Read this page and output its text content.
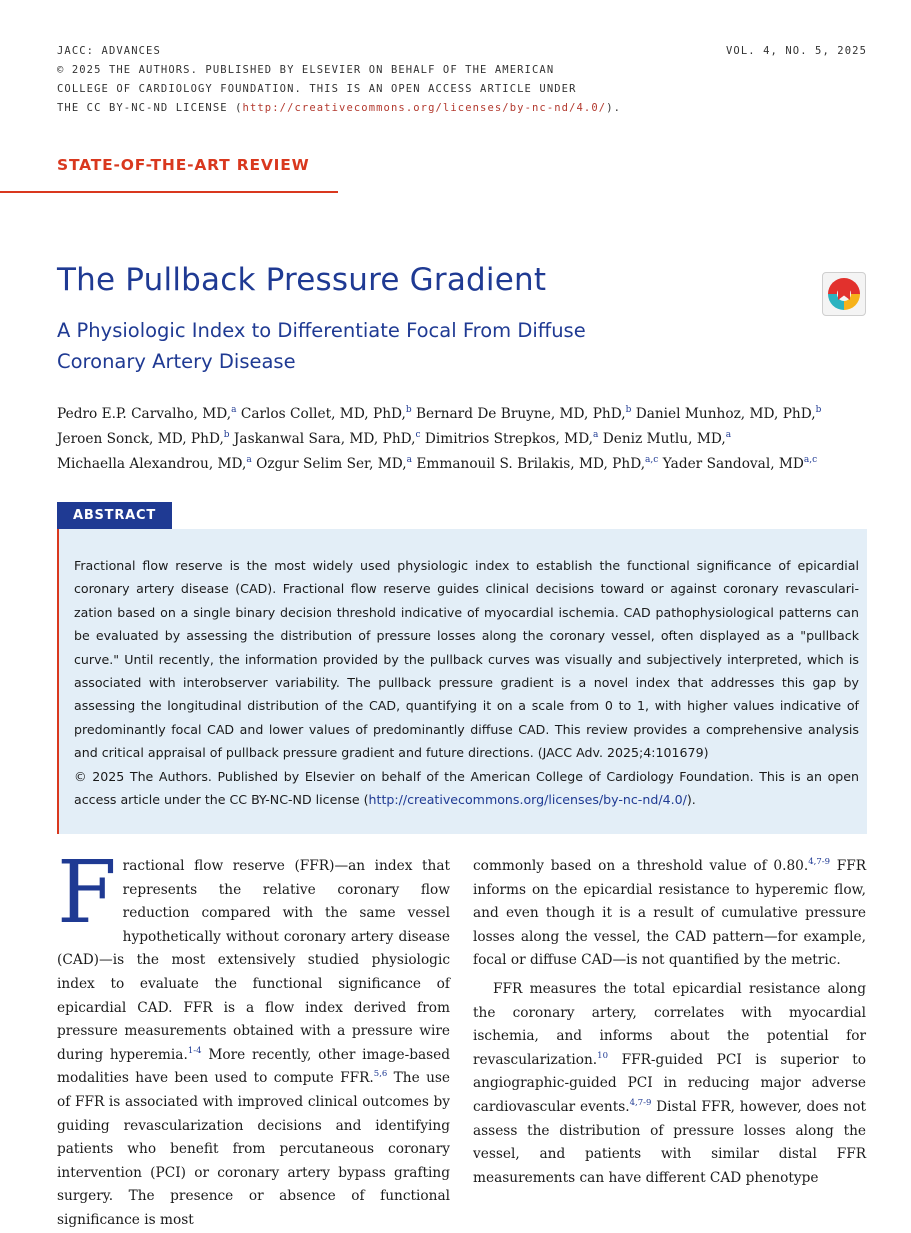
JACC: ADVANCES	VOL. 4, NO. 5, 2025
© 2025 THE AUTHORS. PUBLISHED BY ELSEVIER ON BEHALF OF THE AMERICAN
COLLEGE OF CARDIOLOGY FOUNDATION. THIS IS AN OPEN ACCESS ARTICLE UNDER
THE CC BY-NC-ND LICENSE (http://creativecommons.org/licenses/by-nc-nd/4.0/).
STATE-OF-THE-ART REVIEW
The Pullback Pressure Gradient
A Physiologic Index to Differentiate Focal From Diffuse Coronary Artery Disease

Pedro E.P. Carvalho, MD,$^a$ Carlos Collet, MD, PhD,$^b$ Bernard De Bruyne, MD, PhD,$^b$ Daniel Munhoz, MD, PhD,$^b$
Jeroen Sonck, MD, PhD,$^b$ Jaskanwal Sara, MD, PhD,$^c$ Dimitrios Strepkos, MD,$^a$ Deniz Mutlu, MD,$^a$
Michaella Alexandrou, MD,$^a$ Ozgur Selim Ser, MD,$^a$ Emmanouil S. Brilakis, MD, PhD,$^{a,c}$ Yader Sandoval, MD$^{a,c}$

ABSTRACT

Fractional flow reserve is the most widely used physiologic index to establish the functional significance of epicardial coronary artery disease (CAD). Fractional flow reserve guides clinical decisions toward or against coronary revasculari-zation based on a single binary decision threshold indicative of myocardial ischemia. CAD pathophysiological patterns can be evaluated by assessing the distribution of pressure losses along the coronary vessel, often displayed as a "pullback curve." Until recently, the information provided by the pullback curves was visually and subjectively interpreted, which is associated with interobserver variability. The pullback pressure gradient is a novel index that addresses this gap by assessing the longitudinal distribution of the CAD, quantifying it on a scale from 0 to 1, with higher values indicative of predominantly focal CAD and lower values of predominantly diffuse CAD. This review provides a comprehensive analysis and critical appraisal of pullback pressure gradient and future directions. (JACC Adv. 2025;4:101679)
© 2025 The Authors. Published by Elsevier on behalf of the American College of Cardiology Foundation. This is an open access article under the CC BY-NC-ND license (http://creativecommons.org/licenses/by-nc-nd/4.0/).

Fractional flow reserve (FFR)—an index that represents the relative coronary flow reduction compared with the same vessel hypothetically without coronary artery disease (CAD)—is the most extensively studied physiologic index to evaluate the functional significance of epicardial CAD. FFR is a flow index derived from pressure measurements obtained with a pressure wire during hyperemia.$^{1-4}$ More recently, other image-based modalities have been used to compute FFR.$^{5,6}$ The use of FFR is associated with improved clinical outcomes by guiding revascularization decisions and identifying patients who benefit from percutaneous coronary intervention (PCI) or coronary artery bypass grafting surgery. The presence or absence of functional significance is most

commonly based on a threshold value of 0.80.$^{4,7-9}$ FFR informs on the epicardial resistance to hyperemic flow, and even though it is a result of cumulative pressure losses along the vessel, the CAD pattern—for example, focal or diffuse CAD—is not quantified by the metric.

FFR measures the total epicardial resistance along the coronary artery, correlates with myocardial ischemia, and informs about the potential for revascularization.$^{10}$ FFR-guided PCI is superior to angiographic-guided PCI in reducing major adverse cardiovascular events.$^{4,7-9}$ Distal FFR, however, does not assess the distribution of pressure losses along the vessel, and patients with similar distal FFR measurements can have different CAD phenotype
